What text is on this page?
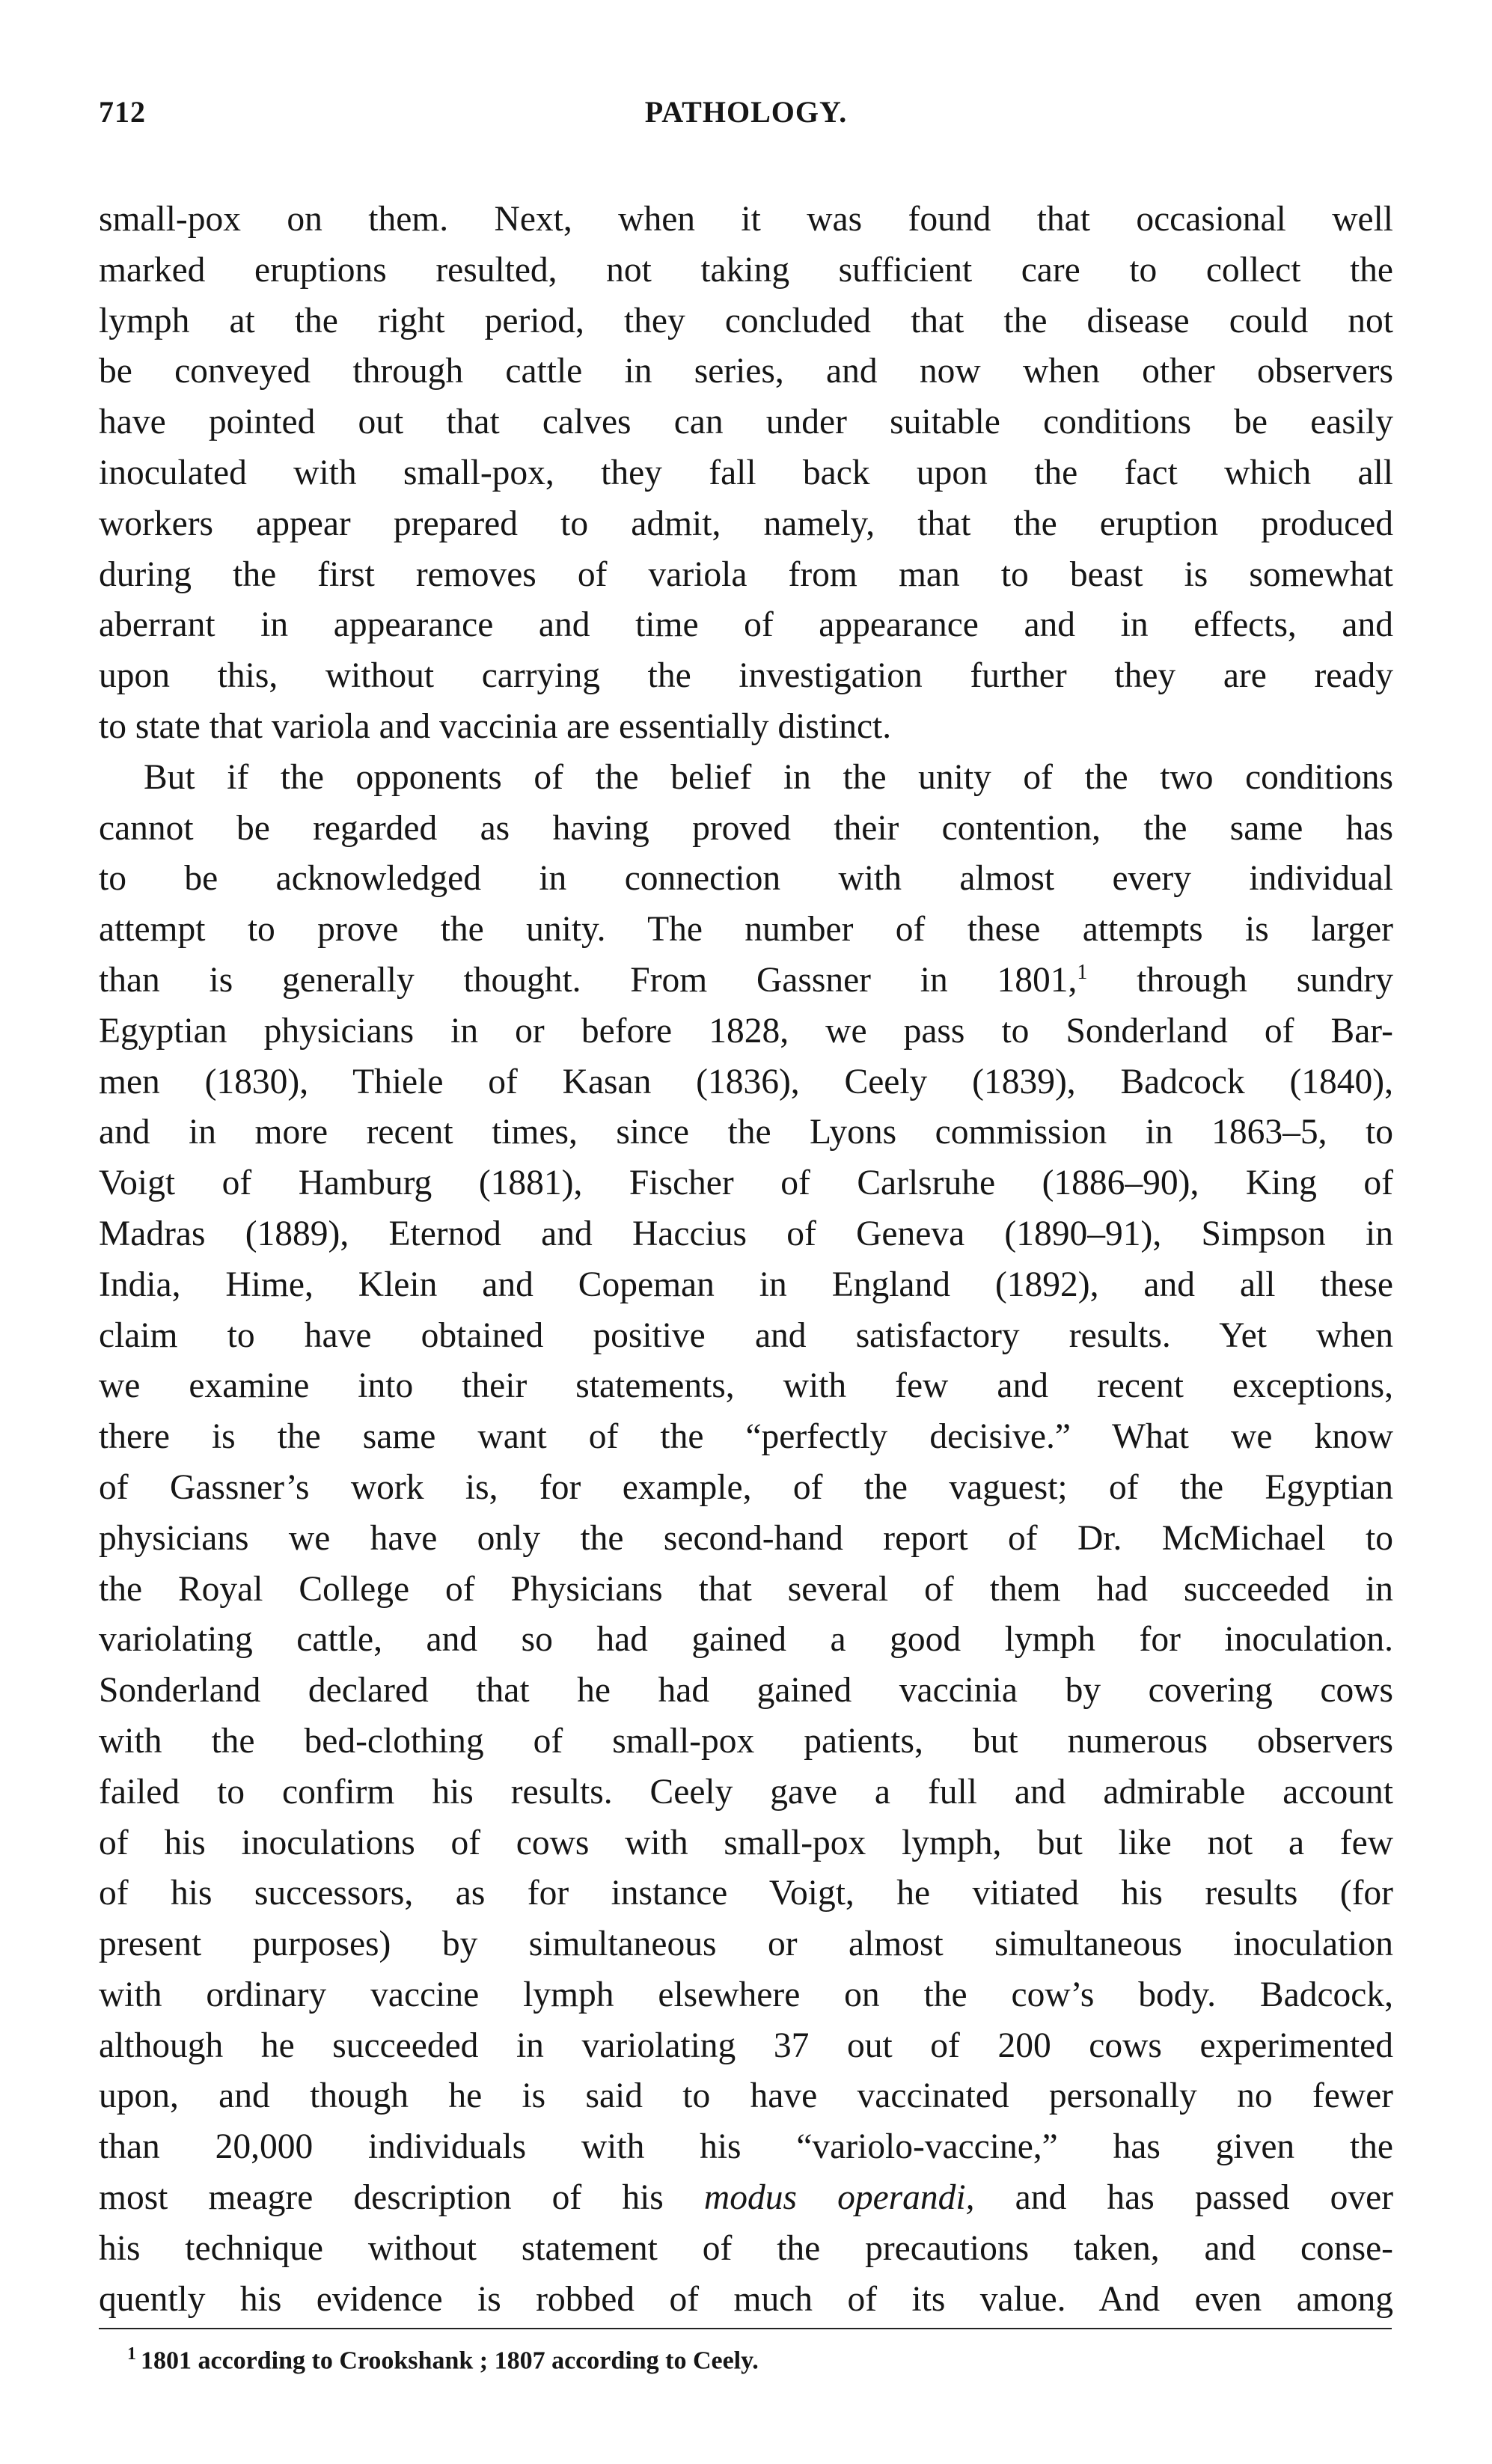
712	PATHOLOGY.
small-pox on them. Next, when it was found that occasional well
marked eruptions resulted, not taking sufficient care to collect the
lymph at the right period, they concluded that the disease could not
be conveyed through cattle in series, and now when other observers
have pointed out that calves can under suitable conditions be easily
inoculated with small-pox, they fall back upon the fact which all
workers appear prepared to admit, namely, that the eruption produced
during the first removes of variola from man to beast is somewhat
aberrant in appearance and time of appearance and in effects, and
upon this, without carrying the investigation further they are ready
to state that variola and vaccinia are essentially distinct.
But if the opponents of the belief in the unity of the two conditions
cannot be regarded as having proved their contention, the same has
to be acknowledged in connection with almost every individual
attempt to prove the unity. The number of these attempts is larger
than is generally thought. From Gassner in 1801,$^1$ through sundry
Egyptian physicians in or before 1828, we pass to Sonderland of Bar-
men (1830), Thiele of Kasan (1836), Ceely (1839), Badcock (1840),
and in more recent times, since the Lyons commission in 1863–5, to
Voigt of Hamburg (1881), Fischer of Carlsruhe (1886–90), King of
Madras (1889), Eternod and Haccius of Geneva (1890–91), Simpson in
India, Hime, Klein and Copeman in England (1892), and all these
claim to have obtained positive and satisfactory results. Yet when
we examine into their statements, with few and recent exceptions,
there is the same want of the “perfectly decisive.” What we know
of Gassner’s work is, for example, of the vaguest; of the Egyptian
physicians we have only the second-hand report of Dr. McMichael to
the Royal College of Physicians that several of them had succeeded in
variolating cattle, and so had gained a good lymph for inoculation.
Sonderland declared that he had gained vaccinia by covering cows
with the bed-clothing of small-pox patients, but numerous observers
failed to confirm his results. Ceely gave a full and admirable account
of his inoculations of cows with small-pox lymph, but like not a few
of his successors, as for instance Voigt, he vitiated his results (for
present purposes) by simultaneous or almost simultaneous inoculation
with ordinary vaccine lymph elsewhere on the cow’s body. Badcock,
although he succeeded in variolating 37 out of 200 cows experimented
upon, and though he is said to have vaccinated personally no fewer
than 20,000 individuals with his “variolo-vaccine,” has given the
most meagre description of his modus operandi, and has passed over
his technique without statement of the precautions taken, and conse-
quently his evidence is robbed of much of its value. And even among
$^1$ 1801 according to Crookshank ; 1807 according to Ceely.
